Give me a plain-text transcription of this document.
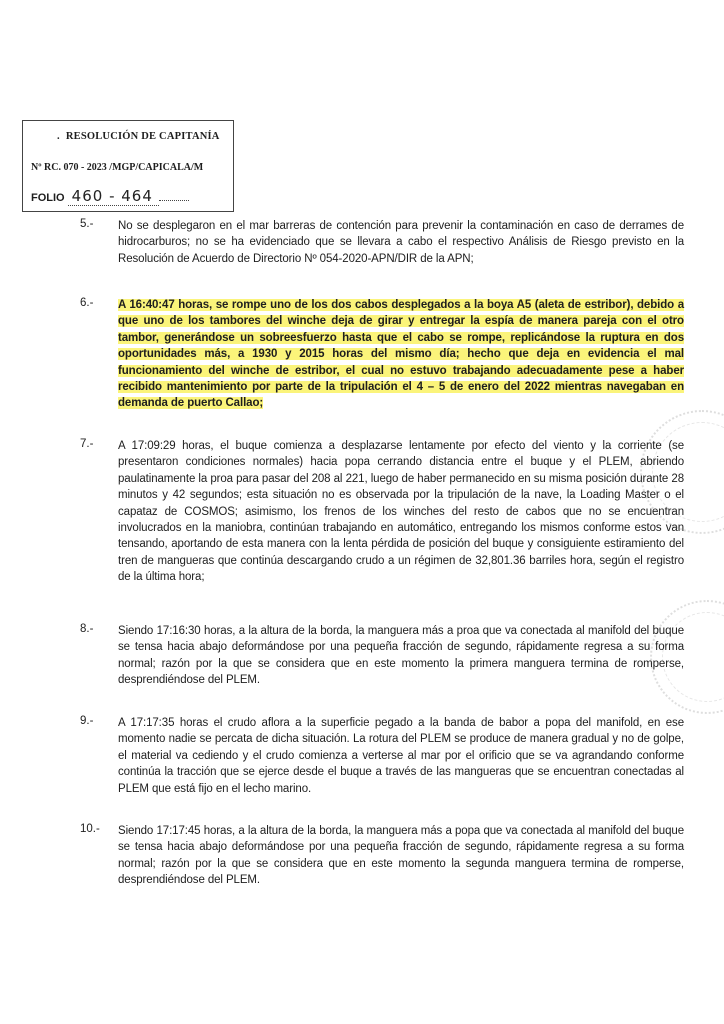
. RESOLUCIÓN DE CAPITANÍA
Nº RC. 070 - 2023 /MGP/CAPICALA/M
FOLIO 460 - 464
5.-	No se desplegaron en el mar barreras de contención para prevenir la contaminación en caso de derrames de hidrocarburos; no se ha evidenciado que se llevara a cabo el respectivo Análisis de Riesgo previsto en la Resolución de Acuerdo de Directorio Nº 054-2020-APN/DIR de la APN;
6.-	A 16:40:47 horas, se rompe uno de los dos cabos desplegados a la boya A5 (aleta de estribor), debido a que uno de los tambores del winche deja de girar y entregar la espía de manera pareja con el otro tambor, generándose un sobreesfuerzo hasta que el cabo se rompe, replicándose la ruptura en dos oportunidades más, a 1930 y 2015 horas del mismo día; hecho que deja en evidencia el mal funcionamiento del winche de estribor, el cual no estuvo trabajando adecuadamente pese a haber recibido mantenimiento por parte de la tripulación el 4 – 5 de enero del 2022 mientras navegaban en demanda de puerto Callao;
7.-	A 17:09:29 horas, el buque comienza a desplazarse lentamente por efecto del viento y la corriente (se presentaron condiciones normales) hacia popa cerrando distancia entre el buque y el PLEM, abriendo paulatinamente la proa para pasar del 208 al 221, luego de haber permanecido en su misma posición durante 28 minutos y 42 segundos; esta situación no es observada por la tripulación de la nave, la Loading Master o el capataz de COSMOS; asimismo, los frenos de los winches del resto de cabos que no se encuentran involucrados en la maniobra, continúan trabajando en automático, entregando los mismos conforme estos van tensando, aportando de esta manera con la lenta pérdida de posición del buque y consiguiente estiramiento del tren de mangueras que continúa descargando crudo a un régimen de 32,801.36 barriles hora, según el registro de la última hora;
8.-	Siendo 17:16:30 horas, a la altura de la borda, la manguera más a proa que va conectada al manifold del buque se tensa hacia abajo deformándose por una pequeña fracción de segundo, rápidamente regresa a su forma normal; razón por la que se considera que en este momento la primera manguera termina de romperse, desprendiéndose del PLEM.
9.-	A 17:17:35 horas el crudo aflora a la superficie pegado a la banda de babor a popa del manifold, en ese momento nadie se percata de dicha situación. La rotura del PLEM se produce de manera gradual y no de golpe, el material va cediendo y el crudo comienza a verterse al mar por el orificio que se va agrandando conforme continúa la tracción que se ejerce desde el buque a través de las mangueras que se encuentran conectadas al PLEM que está fijo en el lecho marino.
10.-	Siendo 17:17:45 horas, a la altura de la borda, la manguera más a popa que va conectada al manifold del buque se tensa hacia abajo deformándose por una pequeña fracción de segundo, rápidamente regresa a su forma normal; razón por la que se considera que en este momento la segunda manguera termina de romperse, desprendiéndose del PLEM.
